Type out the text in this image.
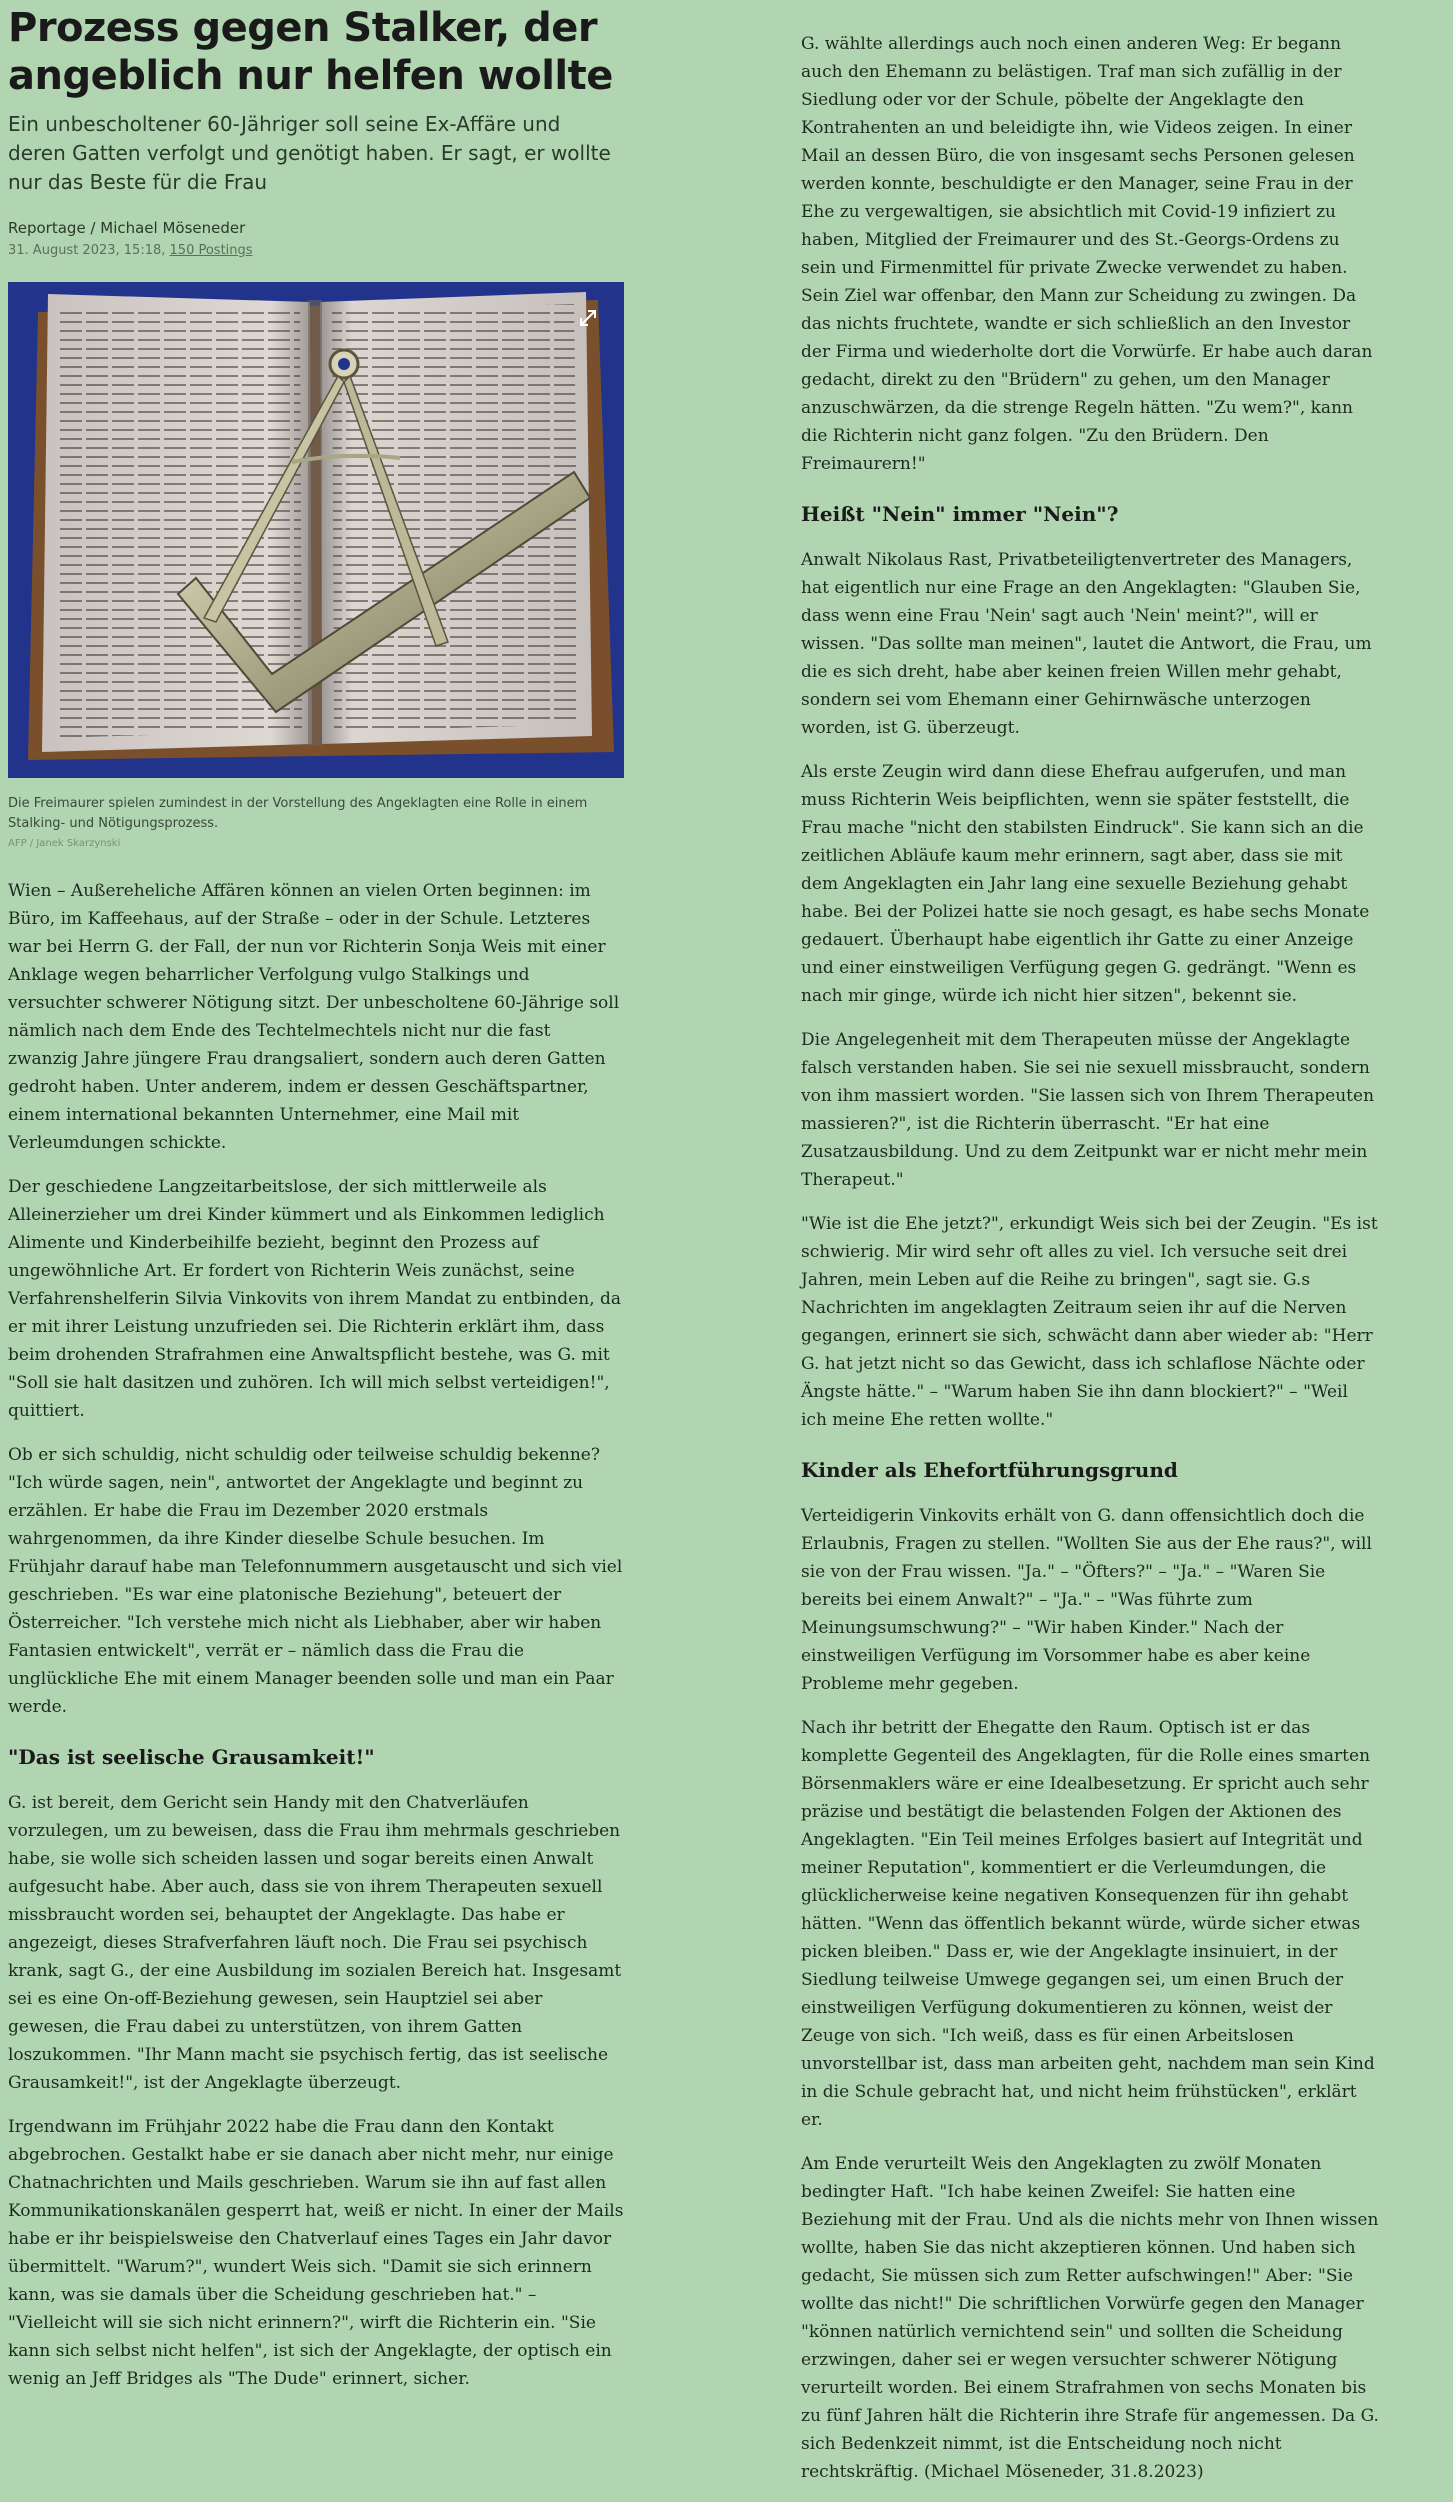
Prozess gegen Stalker, der angeblich nur helfen wollte

Ein unbescholtener 60-Jähriger soll seine Ex-Affäre und deren Gatten verfolgt und genötigt haben. Er sagt, er wollte nur das Beste für die Frau

Reportage / Michael Möseneder
31. August 2023, 15:18, 150 Postings
Die Freimaurer spielen zumindest in der Vorstellung des Angeklagten eine Rolle in einem Stalking- und Nötigungsprozess.
AFP / Janek Skarzynski

Wien – Außereheliche Affären können an vielen Orten beginnen: im Büro, im Kaffeehaus, auf der Straße – oder in der Schule. Letzteres war bei Herrn G. der Fall, der nun vor Richterin Sonja Weis mit einer Anklage wegen beharrlicher Verfolgung vulgo Stalkings und versuchter schwerer Nötigung sitzt. Der unbescholtene 60-Jährige soll nämlich nach dem Ende des Techtelmechtels nicht nur die fast zwanzig Jahre jüngere Frau drangsaliert, sondern auch deren Gatten gedroht haben. Unter anderem, indem er dessen Geschäftspartner, einem international bekannten Unternehmer, eine Mail mit Verleumdungen schickte.

Der geschiedene Langzeitarbeitslose, der sich mittlerweile als Alleinerzieher um drei Kinder kümmert und als Einkommen lediglich Alimente und Kinderbeihilfe bezieht, beginnt den Prozess auf ungewöhnliche Art. Er fordert von Richterin Weis zunächst, seine Verfahrenshelferin Silvia Vinkovits von ihrem Mandat zu entbinden, da er mit ihrer Leistung unzufrieden sei. Die Richterin erklärt ihm, dass beim drohenden Strafrahmen eine Anwaltspflicht bestehe, was G. mit "Soll sie halt dasitzen und zuhören. Ich will mich selbst verteidigen!", quittiert.

Ob er sich schuldig, nicht schuldig oder teilweise schuldig bekenne? "Ich würde sagen, nein", antwortet der Angeklagte und beginnt zu erzählen. Er habe die Frau im Dezember 2020 erstmals wahrgenommen, da ihre Kinder dieselbe Schule besuchen. Im Frühjahr darauf habe man Telefonnummern ausgetauscht und sich viel geschrieben. "Es war eine platonische Beziehung", beteuert der Österreicher. "Ich verstehe mich nicht als Liebhaber, aber wir haben Fantasien entwickelt", verrät er – nämlich dass die Frau die unglückliche Ehe mit einem Manager beenden solle und man ein Paar werde.

"Das ist seelische Grausamkeit!"

G. ist bereit, dem Gericht sein Handy mit den Chatverläufen vorzulegen, um zu beweisen, dass die Frau ihm mehrmals geschrieben habe, sie wolle sich scheiden lassen und sogar bereits einen Anwalt aufgesucht habe. Aber auch, dass sie von ihrem Therapeuten sexuell missbraucht worden sei, behauptet der Angeklagte. Das habe er angezeigt, dieses Strafverfahren läuft noch. Die Frau sei psychisch krank, sagt G., der eine Ausbildung im sozialen Bereich hat. Insgesamt sei es eine On-off-Beziehung gewesen, sein Hauptziel sei aber gewesen, die Frau dabei zu unterstützen, von ihrem Gatten loszukommen. "Ihr Mann macht sie psychisch fertig, das ist seelische Grausamkeit!", ist der Angeklagte überzeugt.

Irgendwann im Frühjahr 2022 habe die Frau dann den Kontakt abgebrochen. Gestalkt habe er sie danach aber nicht mehr, nur einige Chatnachrichten und Mails geschrieben. Warum sie ihn auf fast allen Kommunikationskanälen gesperrt hat, weiß er nicht. In einer der Mails habe er ihr beispielsweise den Chatverlauf eines Tages ein Jahr davor übermittelt. "Warum?", wundert Weis sich. "Damit sie sich erinnern kann, was sie damals über die Scheidung geschrieben hat." – "Vielleicht will sie sich nicht erinnern?", wirft die Richterin ein. "Sie kann sich selbst nicht helfen", ist sich der Angeklagte, der optisch ein wenig an Jeff Bridges als "The Dude" erinnert, sicher.

G. wählte allerdings auch noch einen anderen Weg: Er begann auch den Ehemann zu belästigen. Traf man sich zufällig in der Siedlung oder vor der Schule, pöbelte der Angeklagte den Kontrahenten an und beleidigte ihn, wie Videos zeigen. In einer Mail an dessen Büro, die von insgesamt sechs Personen gelesen werden konnte, beschuldigte er den Manager, seine Frau in der Ehe zu vergewaltigen, sie absichtlich mit Covid-19 infiziert zu haben, Mitglied der Freimaurer und des St.-Georgs-Ordens zu sein und Firmenmittel für private Zwecke verwendet zu haben. Sein Ziel war offenbar, den Mann zur Scheidung zu zwingen. Da das nichts fruchtete, wandte er sich schließlich an den Investor der Firma und wiederholte dort die Vorwürfe. Er habe auch daran gedacht, direkt zu den "Brüdern" zu gehen, um den Manager anzuschwärzen, da die strenge Regeln hätten. "Zu wem?", kann die Richterin nicht ganz folgen. "Zu den Brüdern. Den Freimaurern!"

Heißt "Nein" immer "Nein"?

Anwalt Nikolaus Rast, Privatbeteiligtenvertreter des Managers, hat eigentlich nur eine Frage an den Angeklagten: "Glauben Sie, dass wenn eine Frau 'Nein' sagt auch 'Nein' meint?", will er wissen. "Das sollte man meinen", lautet die Antwort, die Frau, um die es sich dreht, habe aber keinen freien Willen mehr gehabt, sondern sei vom Ehemann einer Gehirnwäsche unterzogen worden, ist G. überzeugt.

Als erste Zeugin wird dann diese Ehefrau aufgerufen, und man muss Richterin Weis beipflichten, wenn sie später feststellt, die Frau mache "nicht den stabilsten Eindruck". Sie kann sich an die zeitlichen Abläufe kaum mehr erinnern, sagt aber, dass sie mit dem Angeklagten ein Jahr lang eine sexuelle Beziehung gehabt habe. Bei der Polizei hatte sie noch gesagt, es habe sechs Monate gedauert. Überhaupt habe eigentlich ihr Gatte zu einer Anzeige und einer einstweiligen Verfügung gegen G. gedrängt. "Wenn es nach mir ginge, würde ich nicht hier sitzen", bekennt sie.

Die Angelegenheit mit dem Therapeuten müsse der Angeklagte falsch verstanden haben. Sie sei nie sexuell missbraucht, sondern von ihm massiert worden. "Sie lassen sich von Ihrem Therapeuten massieren?", ist die Richterin überrascht. "Er hat eine Zusatzausbildung. Und zu dem Zeitpunkt war er nicht mehr mein Therapeut."

"Wie ist die Ehe jetzt?", erkundigt Weis sich bei der Zeugin. "Es ist schwierig. Mir wird sehr oft alles zu viel. Ich versuche seit drei Jahren, mein Leben auf die Reihe zu bringen", sagt sie. G.s Nachrichten im angeklagten Zeitraum seien ihr auf die Nerven gegangen, erinnert sie sich, schwächt dann aber wieder ab: "Herr G. hat jetzt nicht so das Gewicht, dass ich schlaflose Nächte oder Ängste hätte." – "Warum haben Sie ihn dann blockiert?" – "Weil ich meine Ehe retten wollte."

Kinder als Ehefortführungsgrund

Verteidigerin Vinkovits erhält von G. dann offensichtlich doch die Erlaubnis, Fragen zu stellen. "Wollten Sie aus der Ehe raus?", will sie von der Frau wissen. "Ja." – "Öfters?" – "Ja." – "Waren Sie bereits bei einem Anwalt?" – "Ja." – "Was führte zum Meinungsumschwung?" – "Wir haben Kinder." Nach der einstweiligen Verfügung im Vorsommer habe es aber keine Probleme mehr gegeben.

Nach ihr betritt der Ehegatte den Raum. Optisch ist er das komplette Gegenteil des Angeklagten, für die Rolle eines smarten Börsenmaklers wäre er eine Idealbesetzung. Er spricht auch sehr präzise und bestätigt die belastenden Folgen der Aktionen des Angeklagten. "Ein Teil meines Erfolges basiert auf Integrität und meiner Reputation", kommentiert er die Verleumdungen, die glücklicherweise keine negativen Konsequenzen für ihn gehabt hätten. "Wenn das öffentlich bekannt würde, würde sicher etwas picken bleiben." Dass er, wie der Angeklagte insinuiert, in der Siedlung teilweise Umwege gegangen sei, um einen Bruch der einstweiligen Verfügung dokumentieren zu können, weist der Zeuge von sich. "Ich weiß, dass es für einen Arbeitslosen unvorstellbar ist, dass man arbeiten geht, nachdem man sein Kind in die Schule gebracht hat, und nicht heim frühstücken", erklärt er.

Am Ende verurteilt Weis den Angeklagten zu zwölf Monaten bedingter Haft. "Ich habe keinen Zweifel: Sie hatten eine Beziehung mit der Frau. Und als die nichts mehr von Ihnen wissen wollte, haben Sie das nicht akzeptieren können. Und haben sich gedacht, Sie müssen sich zum Retter aufschwingen!" Aber: "Sie wollte das nicht!" Die schriftlichen Vorwürfe gegen den Manager "können natürlich vernichtend sein" und sollten die Scheidung erzwingen, daher sei er wegen versuchter schwerer Nötigung verurteilt worden. Bei einem Strafrahmen von sechs Monaten bis zu fünf Jahren hält die Richterin ihre Strafe für angemessen. Da G. sich Bedenkzeit nimmt, ist die Entscheidung noch nicht rechtskräftig. (Michael Möseneder, 31.8.2023)
